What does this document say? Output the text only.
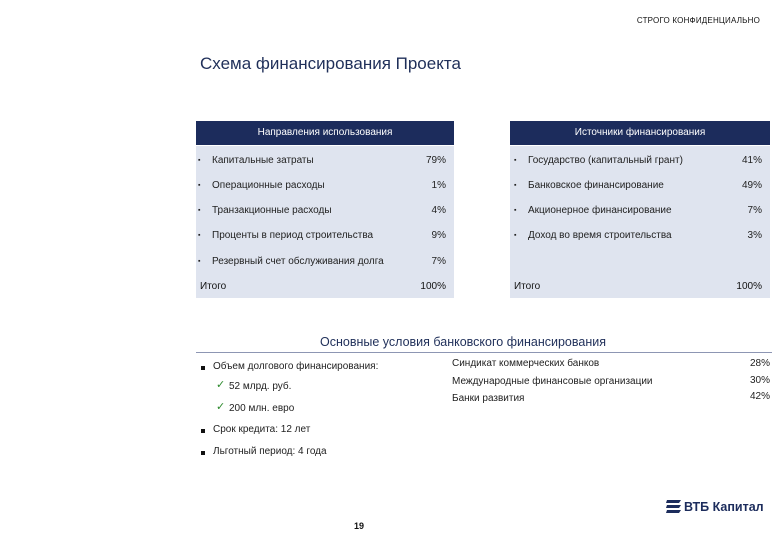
СТРОГО КОНФИДЕНЦИАЛЬНО
Схема финансирования Проекта
Направления использования
▪ Капитальные затраты	79%
▪ Операционные расходы	1%
▪ Транзакционные расходы	4%
▪ Проценты в период строительства	9%
▪ Резервный счет обслуживания долга	7%
Итого	100%
Источники финансирования
▪ Государство (капитальный грант)	41%
▪ Банковское финансирование	49%
▪ Акционерное финансирование	7%
▪ Доход во время строительства	3%
Итого	100%
Основные условия банковского финансирования
Объем долгового финансирования:
✓ 52 млрд. руб.
✓ 200 млн. евро
Срок кредита: 12 лет
Льготный период: 4 года
Синдикат коммерческих банков	28%
Международные финансовые организации	30%
Банки развития	42%
19
ВТБ Капитал
